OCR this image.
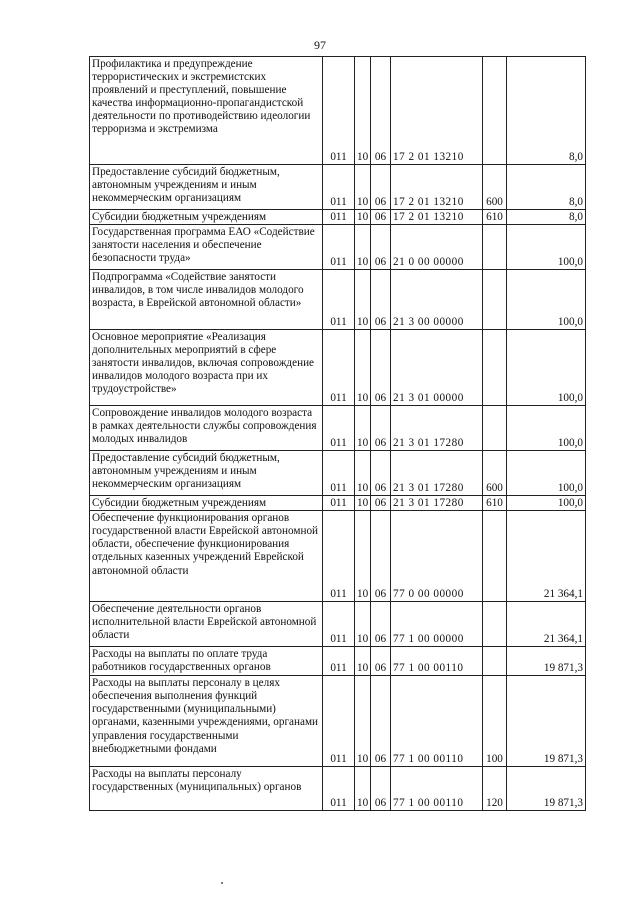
97
Профилактика и предупреждение террористических и экстремистских проявлений и преступлений, повышение качества информационно-пропагандистской деятельности по противодействию идеологии терроризма и экстремизма	011	10	06	17 2 01 13210		8,0
Предоставление субсидий бюджетным, автономным учреждениям и иным некоммерческим организациям	011	10	06	17 2 01 13210	600	8,0
Субсидии бюджетным учреждениям	011	10	06	17 2 01 13210	610	8,0
Государственная программа ЕАО «Содействие занятости населения и обеспечение безопасности труда»	011	10	06	21 0 00 00000		100,0
Подпрограмма «Содействие занятости инвалидов, в том числе инвалидов молодого возраста, в Еврейской автономной области»	011	10	06	21 3 00 00000		100,0
Основное мероприятие «Реализация дополнительных мероприятий в сфере занятости инвалидов, включая сопровождение инвалидов молодого возраста при их трудоустройстве»	011	10	06	21 3 01 00000		100,0
Сопровождение инвалидов молодого возраста в рамках деятельности службы сопровождения молодых инвалидов	011	10	06	21 3 01 17280		100,0
Предоставление субсидий бюджетным, автономным учреждениям и иным некоммерческим организациям	011	10	06	21 3 01 17280	600	100,0
Субсидии бюджетным учреждениям	011	10	06	21 3 01 17280	610	100,0
Обеспечение функционирования органов государственной власти Еврейской автономной области, обеспечение функционирования отдельных казенных учреждений Еврейской автономной области	011	10	06	77 0 00 00000		21 364,1
Обеспечение деятельности органов исполнительной власти Еврейской автономной области	011	10	06	77 1 00 00000		21 364,1
Расходы на выплаты по оплате труда работников государственных органов	011	10	06	77 1 00 00110		19 871,3
Расходы на выплаты персоналу в целях обеспечения выполнения функций государственными (муниципальными) органами, казенными учреждениями, органами управления государственными внебюджетными фондами	011	10	06	77 1 00 00110	100	19 871,3
Расходы на выплаты персоналу государственных (муниципальных) органов	011	10	06	77 1 00 00110	120	19 871,3
